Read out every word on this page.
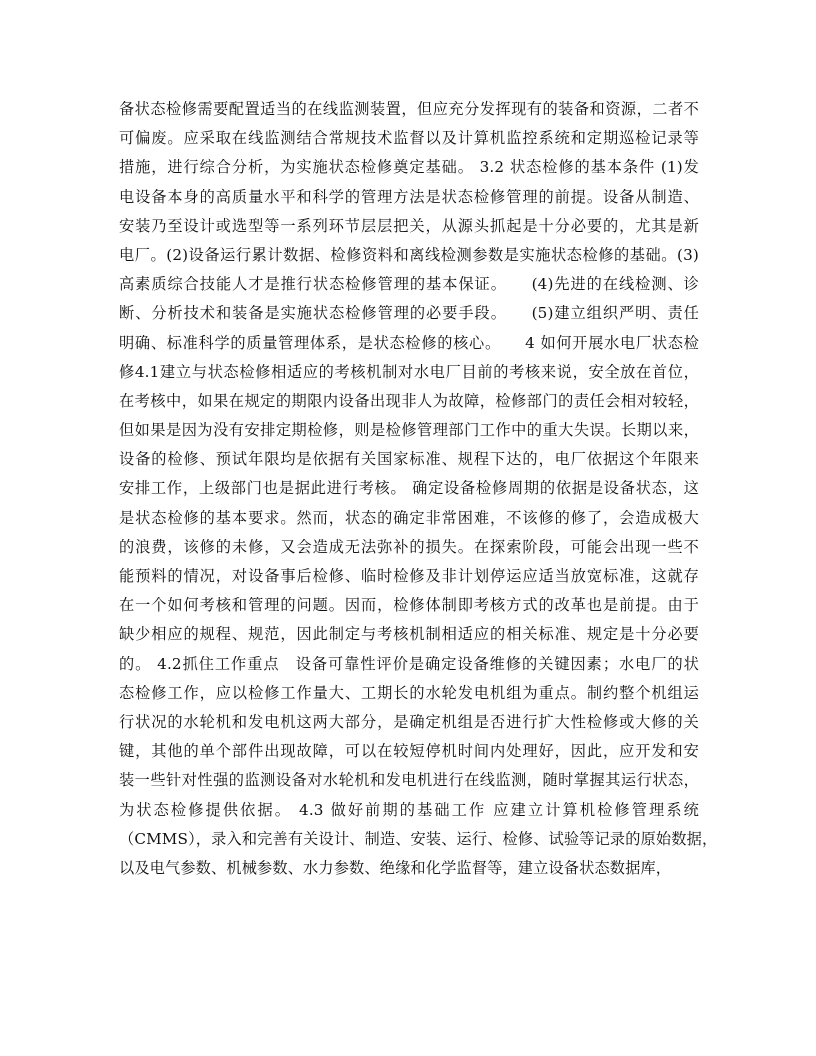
备状态检修需要配置适当的在线监测装置，但应充分发挥现有的装备和资源，二者不
可偏废。应采取在线监测结合常规技术监督以及计算机监控系统和定期巡检记录等
措施，进行综合分析，为实施状态检修奠定基础。 3.2 状态检修的基本条件 (1)发
电设备本身的高质量水平和科学的管理方法是状态检修管理的前提。设备从制造、
安装乃至设计或选型等一系列环节层层把关，从源头抓起是十分必要的，尤其是新
电厂。(2)设备运行累计数据、检修资料和离线检测参数是实施状态检修的基础。(3)
高素质综合技能人才是推行状态检修管理的基本保证。　　(4)先进的在线检测、诊
断、分析技术和装备是实施状态检修管理的必要手段。　　(5)建立组织严明、责任
明确、标准科学的质量管理体系，是状态检修的核心。　　4 如何开展水电厂状态检
修4.1建立与状态检修相适应的考核机制对水电厂目前的考核来说，安全放在首位，
在考核中，如果在规定的期限内设备出现非人为故障，检修部门的责任会相对较轻，
但如果是因为没有安排定期检修，则是检修管理部门工作中的重大失误。长期以来，
设备的检修、预试年限均是依据有关国家标准、规程下达的，电厂依据这个年限来
安排工作，上级部门也是据此进行考核。 确定设备检修周期的依据是设备状态，这
是状态检修的基本要求。然而，状态的确定非常困难，不该修的修了，会造成极大
的浪费，该修的未修，又会造成无法弥补的损失。在探索阶段，可能会出现一些不
能预料的情况，对设备事后检修、临时检修及非计划停运应适当放宽标准，这就存
在一个如何考核和管理的问题。因而，检修体制即考核方式的改革也是前提。由于
缺少相应的规程、规范，因此制定与考核机制相适应的相关标准、规定是十分必要
的。 4.2抓住工作重点　设备可靠性评价是确定设备维修的关键因素；水电厂的状
态检修工作，应以检修工作量大、工期长的水轮发电机组为重点。制约整个机组运
行状况的水轮机和发电机这两大部分，是确定机组是否进行扩大性检修或大修的关
键，其他的单个部件出现故障，可以在较短停机时间内处理好，因此，应开发和安
装一些针对性强的监测设备对水轮机和发电机进行在线监测，随时掌握其运行状态，
为状态检修提供依据。 4.3 做好前期的基础工作 应建立计算机检修管理系统
（CMMS），录入和完善有关设计、制造、安装、运行、检修、试验等记录的原始数据，
以及电气参数、机械参数、水力参数、绝缘和化学监督等，建立设备状态数据库，
